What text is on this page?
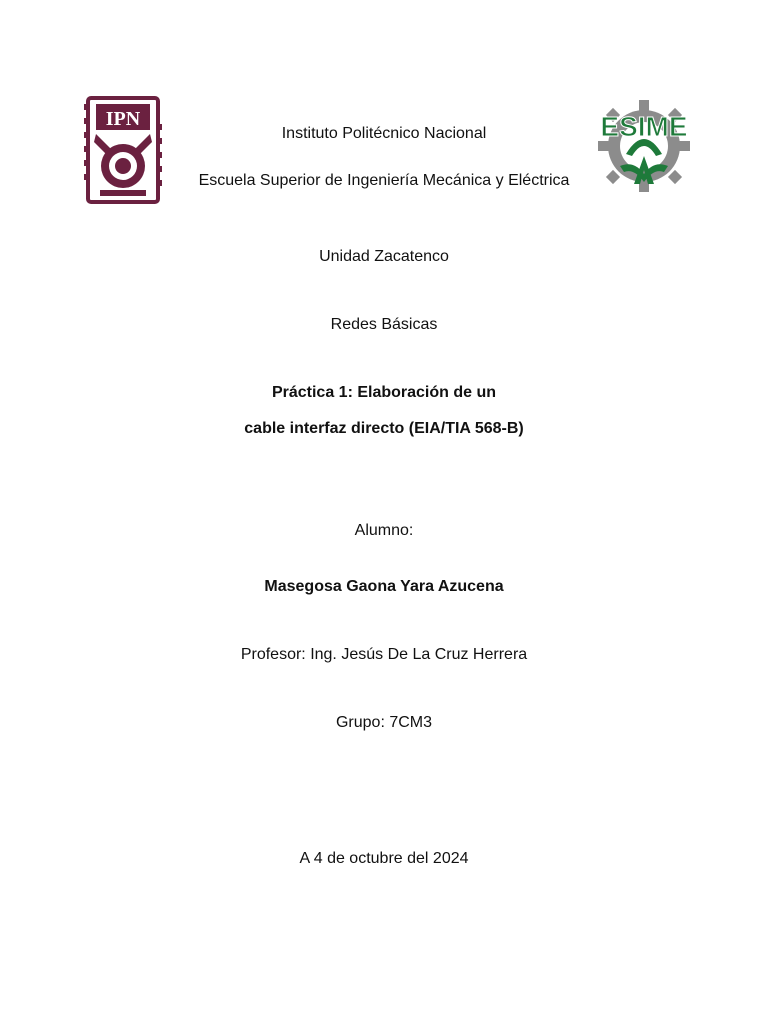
IPN
Instituto Politécnico Nacional
Escuela Superior de Ingeniería Mecánica y Eléctrica
ESIME
Unidad Zacatenco
Redes Básicas
Práctica 1: Elaboración de un
cable interfaz directo (EIA/TIA 568-B)
Alumno:
Masegosa Gaona Yara Azucena
Profesor: Ing. Jesús De La Cruz Herrera
Grupo: 7CM3
A 4 de octubre del 2024
